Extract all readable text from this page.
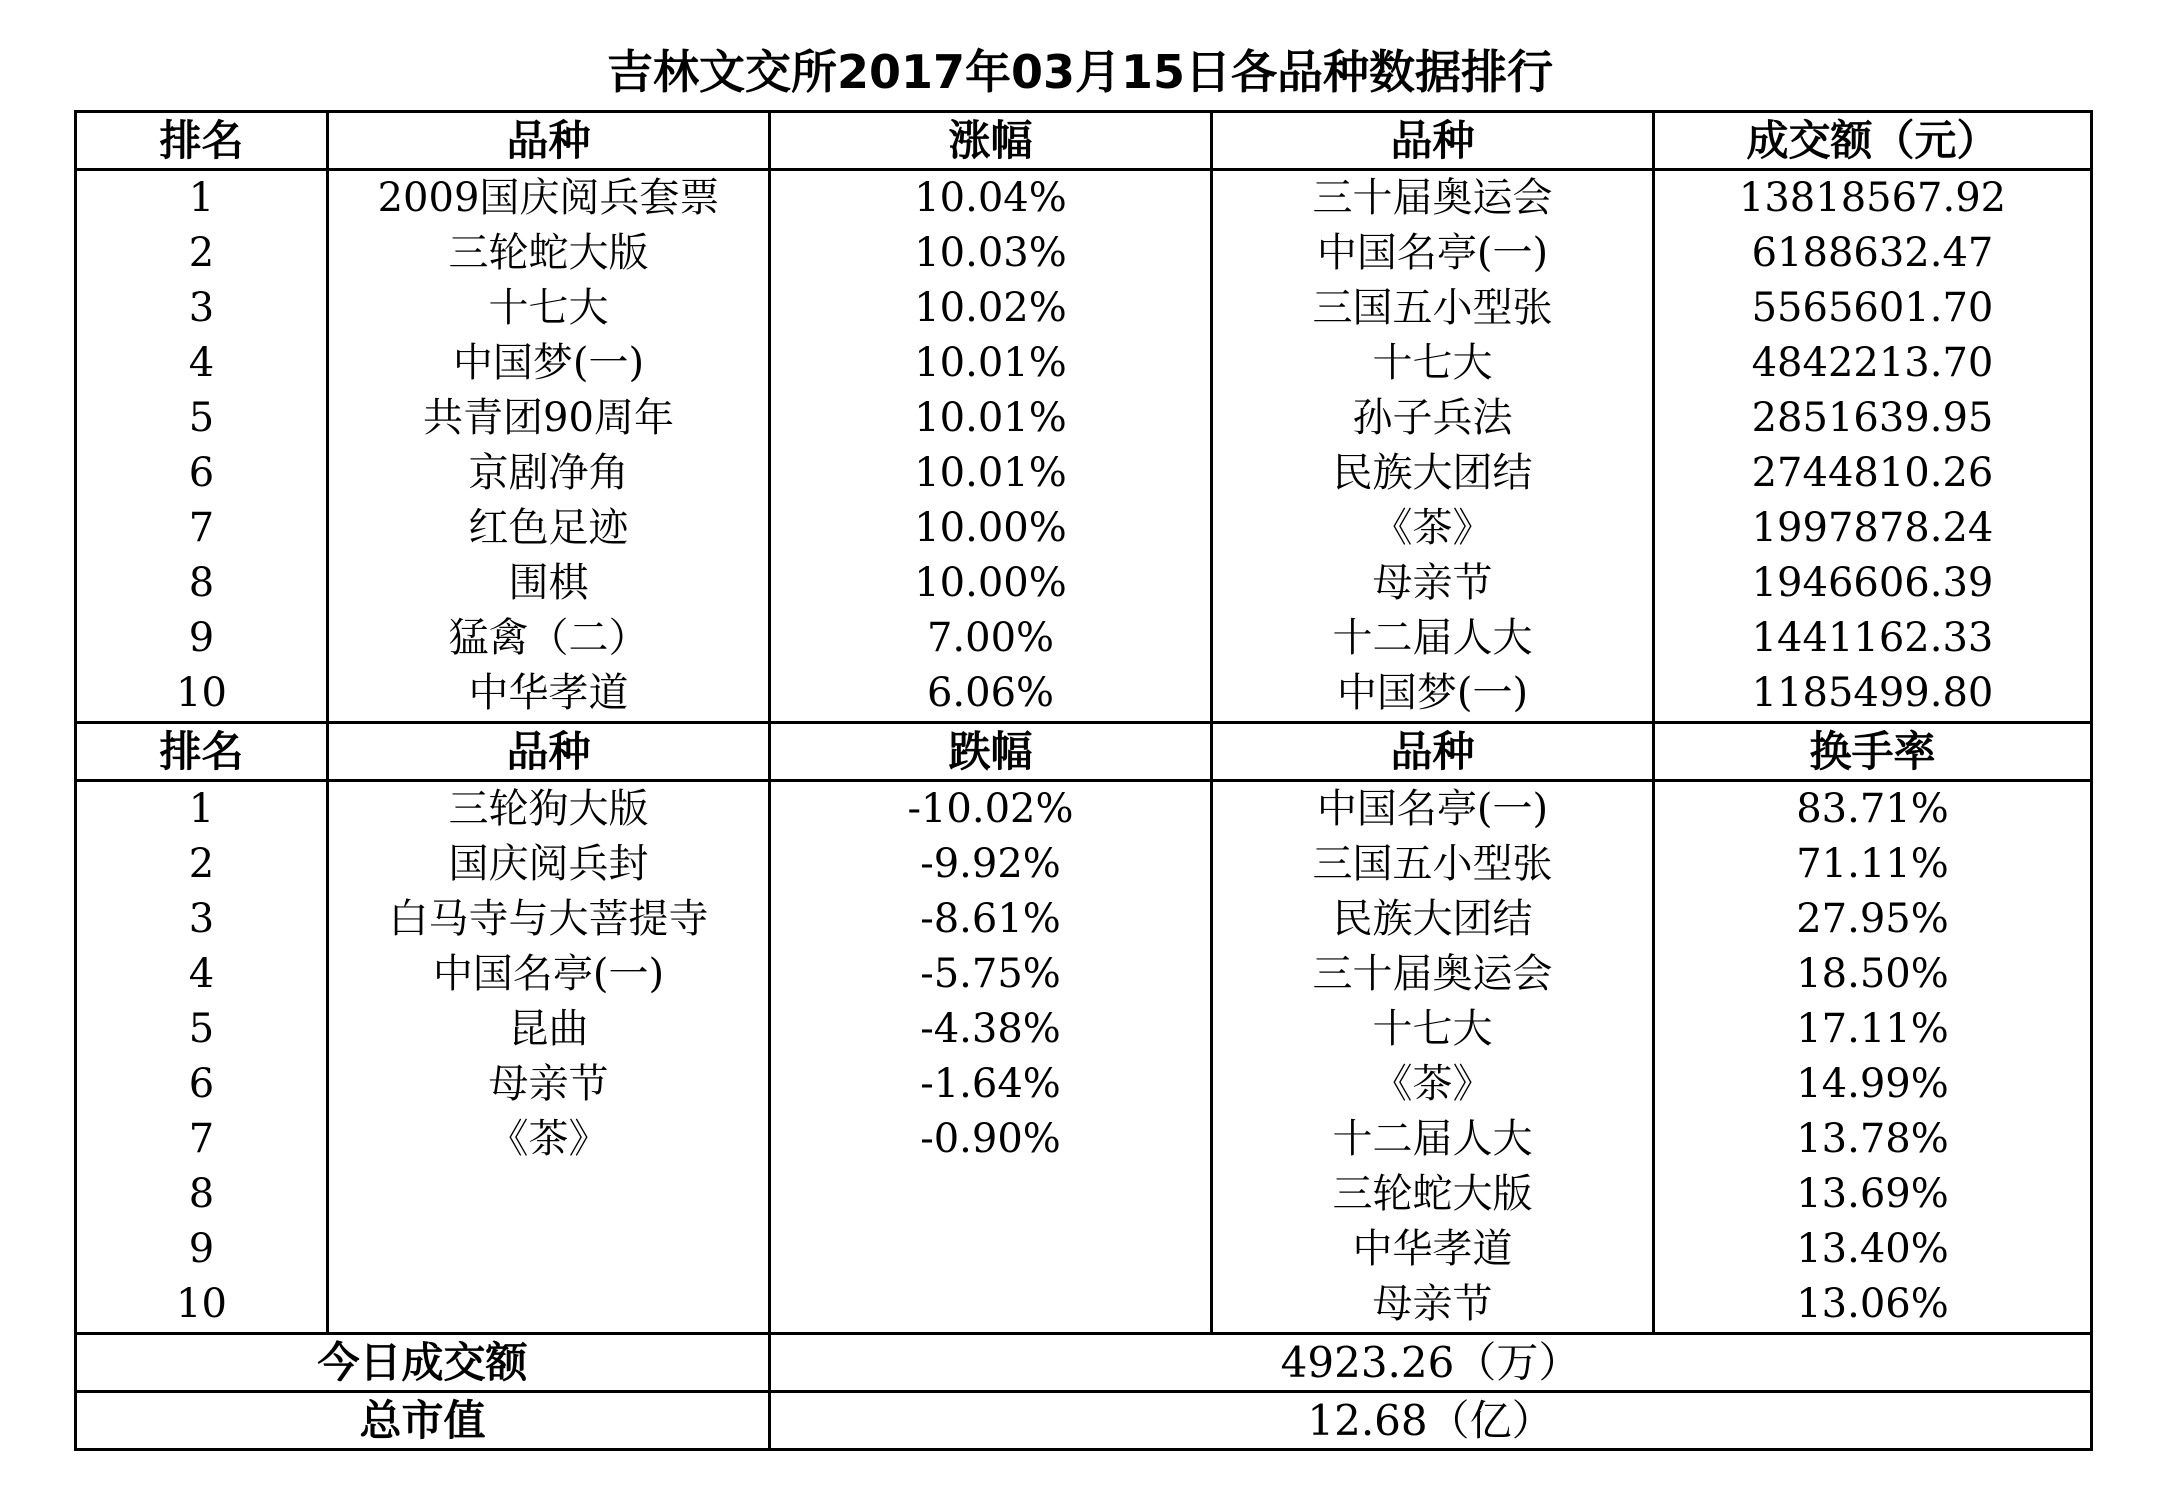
吉林文交所2017年03月15日各品种数据排行
排名	品种	涨幅	品种	成交额（元）
1	2009国庆阅兵套票	10.04%	三十届奥运会	13818567.92
2	三轮蛇大版	10.03%	中国名亭(一)	6188632.47
3	十七大	10.02%	三国五小型张	5565601.70
4	中国梦(一)	10.01%	十七大	4842213.70
5	共青团90周年	10.01%	孙子兵法	2851639.95
6	京剧净角	10.01%	民族大团结	2744810.26
7	红色足迹	10.00%	《茶》	1997878.24
8	围棋	10.00%	母亲节	1946606.39
9	猛禽（二）	7.00%	十二届人大	1441162.33
10	中华孝道	6.06%	中国梦(一)	1185499.80
排名	品种	跌幅	品种	换手率
1	三轮狗大版	-10.02%	中国名亭(一)	83.71%
2	国庆阅兵封	-9.92%	三国五小型张	71.11%
3	白马寺与大菩提寺	-8.61%	民族大团结	27.95%
4	中国名亭(一)	-5.75%	三十届奥运会	18.50%
5	昆曲	-4.38%	十七大	17.11%
6	母亲节	-1.64%	《茶》	14.99%
7	《茶》	-0.90%	十二届人大	13.78%
8			三轮蛇大版	13.69%
9			中华孝道	13.40%
10			母亲节	13.06%
今日成交额		4923.26（万）		
总市值		12.68（亿）		
